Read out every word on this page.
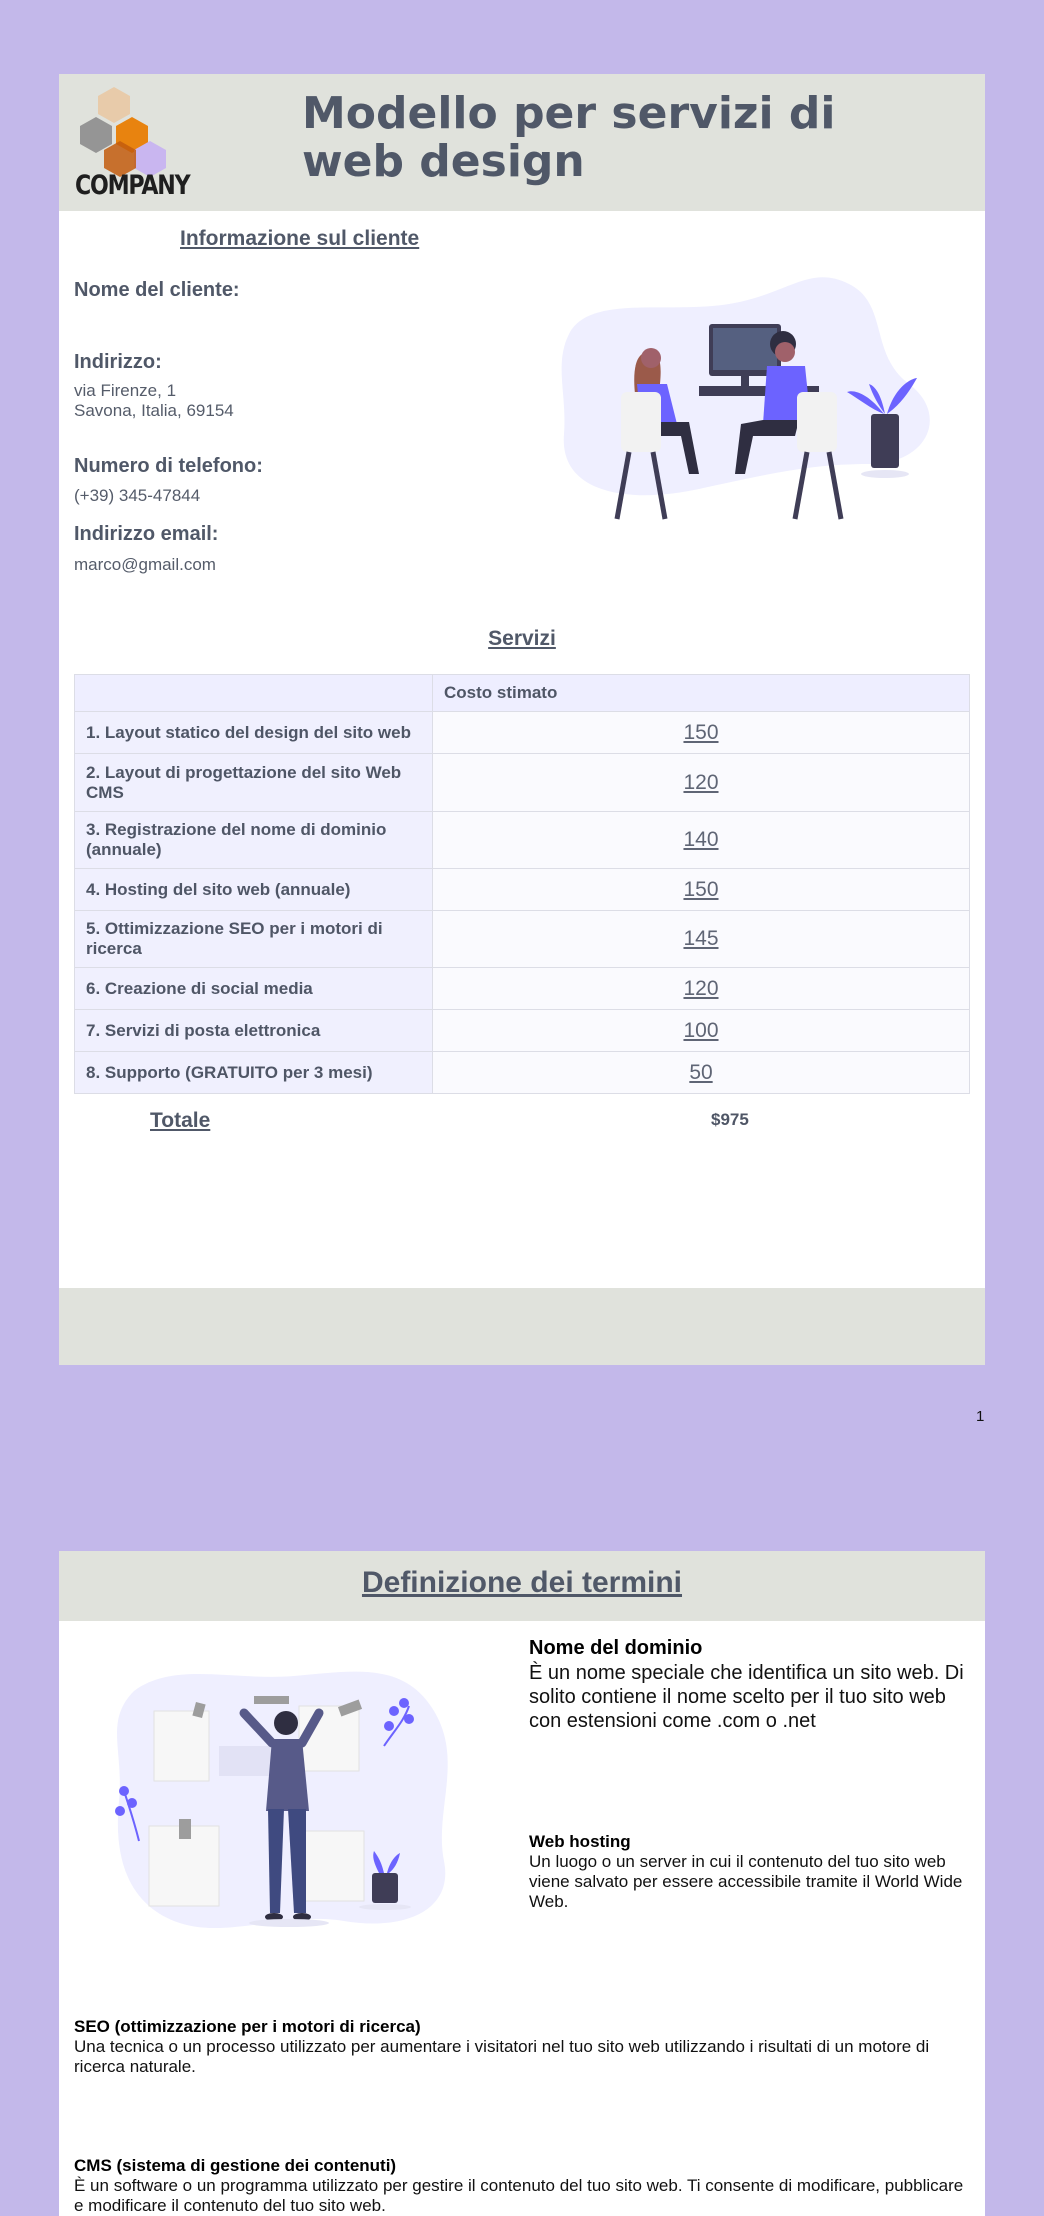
COMPANY
Modello per servizi di web design
Informazione sul cliente
Nome del cliente:
Indirizzo:
via Firenze, 1
Savona, Italia, 69154
Numero di telefono:
(+39) 345-47844
Indirizzo email:
marco@gmail.com
Servizi
	Costo stimato
1. Layout statico del design del sito web	150
2. Layout di progettazione del sito Web CMS	120
3. Registrazione del nome di dominio (annuale)	140
4. Hosting del sito web (annuale)	150
5. Ottimizzazione SEO per i motori di ricerca	145
6. Creazione di social media	120
7. Servizi di posta elettronica	100
8. Supporto (GRATUITO per 3 mesi)	50
Totale	$975
1
Definizione dei termini
Nome del dominio
È un nome speciale che identifica un sito web. Di solito contiene il nome scelto per il tuo sito web con estensioni come .com o .net
Web hosting
Un luogo o un server in cui il contenuto del tuo sito web viene salvato per essere accessibile tramite il World Wide Web.
SEO (ottimizzazione per i motori di ricerca)
Una tecnica o un processo utilizzato per aumentare i visitatori nel tuo sito web utilizzando i risultati di un motore di ricerca naturale.
CMS (sistema di gestione dei contenuti)
È un software o un programma utilizzato per gestire il contenuto del tuo sito web. Ti consente di modificare, pubblicare e modificare il contenuto del tuo sito web.
